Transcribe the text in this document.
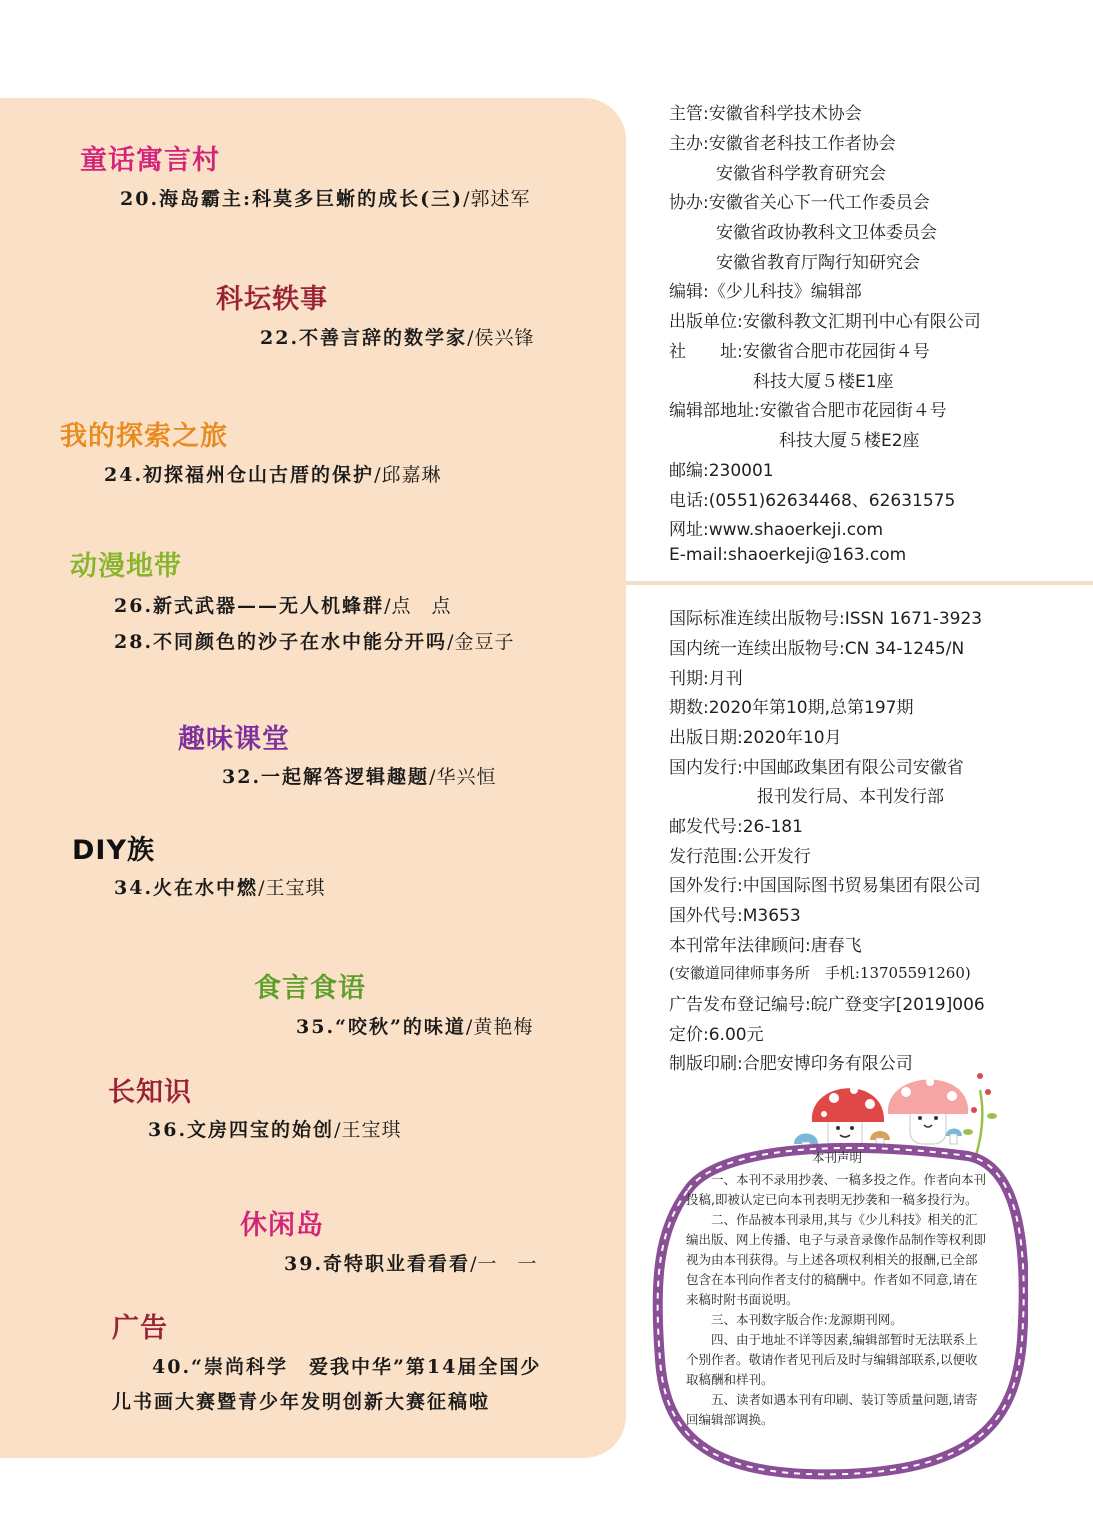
童话寓言村
20.海岛霸主:科莫多巨蜥的成长(三)/郭述军
科坛轶事
22.不善言辞的数学家/侯兴锋
我的探索之旅
24.初探福州仓山古厝的保护/邱嘉琳
动漫地带
26.新式武器——无人机蜂群/点　点
28.不同颜色的沙子在水中能分开吗/金豆子
趣味课堂
32.一起解答逻辑趣题/华兴恒
DIY族
34.火在水中燃/王宝琪
食言食语
35.“咬秋”的味道/黄艳梅
长知识
36.文房四宝的始创/王宝琪
休闲岛
39.奇特职业看看看/一　一
广告
40.“崇尚科学　爱我中华”第14届全国少
儿书画大赛暨青少年发明创新大赛征稿啦
主管:安徽省科学技术协会
主办:安徽省老科技工作者协会
安徽省科学教育研究会
协办:安徽省关心下一代工作委员会
安徽省政协教科文卫体委员会
安徽省教育厅陶行知研究会
编辑:《少儿科技》编辑部
出版单位:安徽科教文汇期刊中心有限公司
社　　址:安徽省合肥市花园街４号
科技大厦５楼E1座
编辑部地址:安徽省合肥市花园街４号
科技大厦５楼E2座
邮编:230001
电话:(0551)62634468、62631575
网址:www.shaoerkeji.com
E-mail:shaoerkeji@163.com
国际标准连续出版物号:ISSN 1671-3923
国内统一连续出版物号:CN 34-1245/N
刊期:月刊
期数:2020年第10期,总第197期
出版日期:2020年10月
国内发行:中国邮政集团有限公司安徽省
报刊发行局、本刊发行部
邮发代号:26-181
发行范围:公开发行
国外发行:中国国际图书贸易集团有限公司
国外代号:M3653
本刊常年法律顾问:唐春飞
(安徽道同律师事务所　手机:13705591260)
广告发布登记编号:皖广登变字[2019]006
定价:6.00元
制版印刷:合肥安博印务有限公司
本刊声明

一、本刊不录用抄袭、一稿多投之作。作者向本刊投稿,即被认定已向本刊表明无抄袭和一稿多投行为。

二、作品被本刊录用,其与《少儿科技》相关的汇编出版、网上传播、电子与录音录像作品制作等权利即视为由本刊获得。与上述各项权利相关的报酬,已全部包含在本刊向作者支付的稿酬中。作者如不同意,请在来稿时附书面说明。

三、本刊数字版合作:龙源期刊网。

四、由于地址不详等因素,编辑部暂时无法联系上个别作者。敬请作者见刊后及时与编辑部联系,以便收取稿酬和样刊。

五、读者如遇本刊有印刷、装订等质量问题,请寄回编辑部调换。
